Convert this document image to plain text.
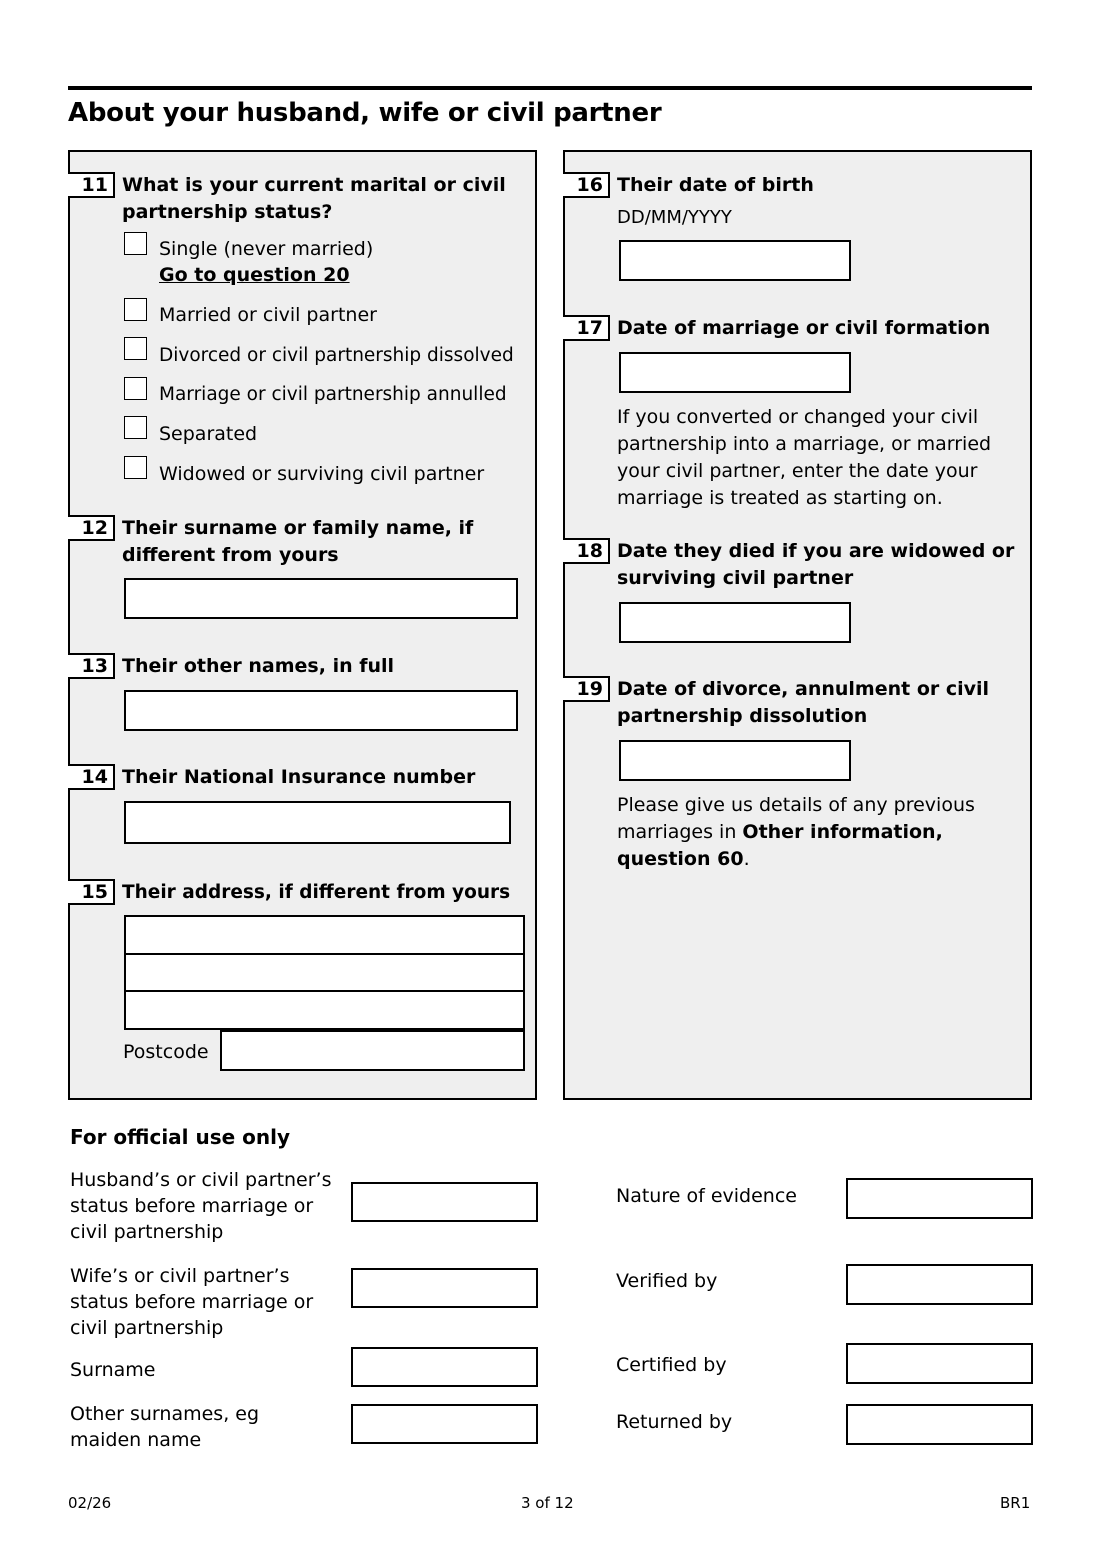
About your husband, wife or civil partner
11 What is your current marital or civil partnership status?
Single (never married)
Go to question 20
Married or civil partner
Divorced or civil partnership dissolved
Marriage or civil partnership annulled
Separated
Widowed or surviving civil partner
12 Their surname or family name, if different from yours
13 Their other names, in full
14 Their National Insurance number
15 Their address, if different from yours
Postcode
16 Their date of birth
DD/MM/YYYY
17 Date of marriage or civil formation
If you converted or changed your civil partnership into a marriage, or married your civil partner, enter the date your marriage is treated as starting on.
18 Date they died if you are widowed or surviving civil partner
19 Date of divorce, annulment or civil partnership dissolution
Please give us details of any previous marriages in Other information, question 60.
For official use only
Husband’s or civil partner’s status before marriage or civil partnership
Wife’s or civil partner’s status before marriage or civil partnership
Surname
Other surnames, eg maiden name
Nature of evidence
Verified by
Certified by
Returned by
02/26	3 of 12	BR1
